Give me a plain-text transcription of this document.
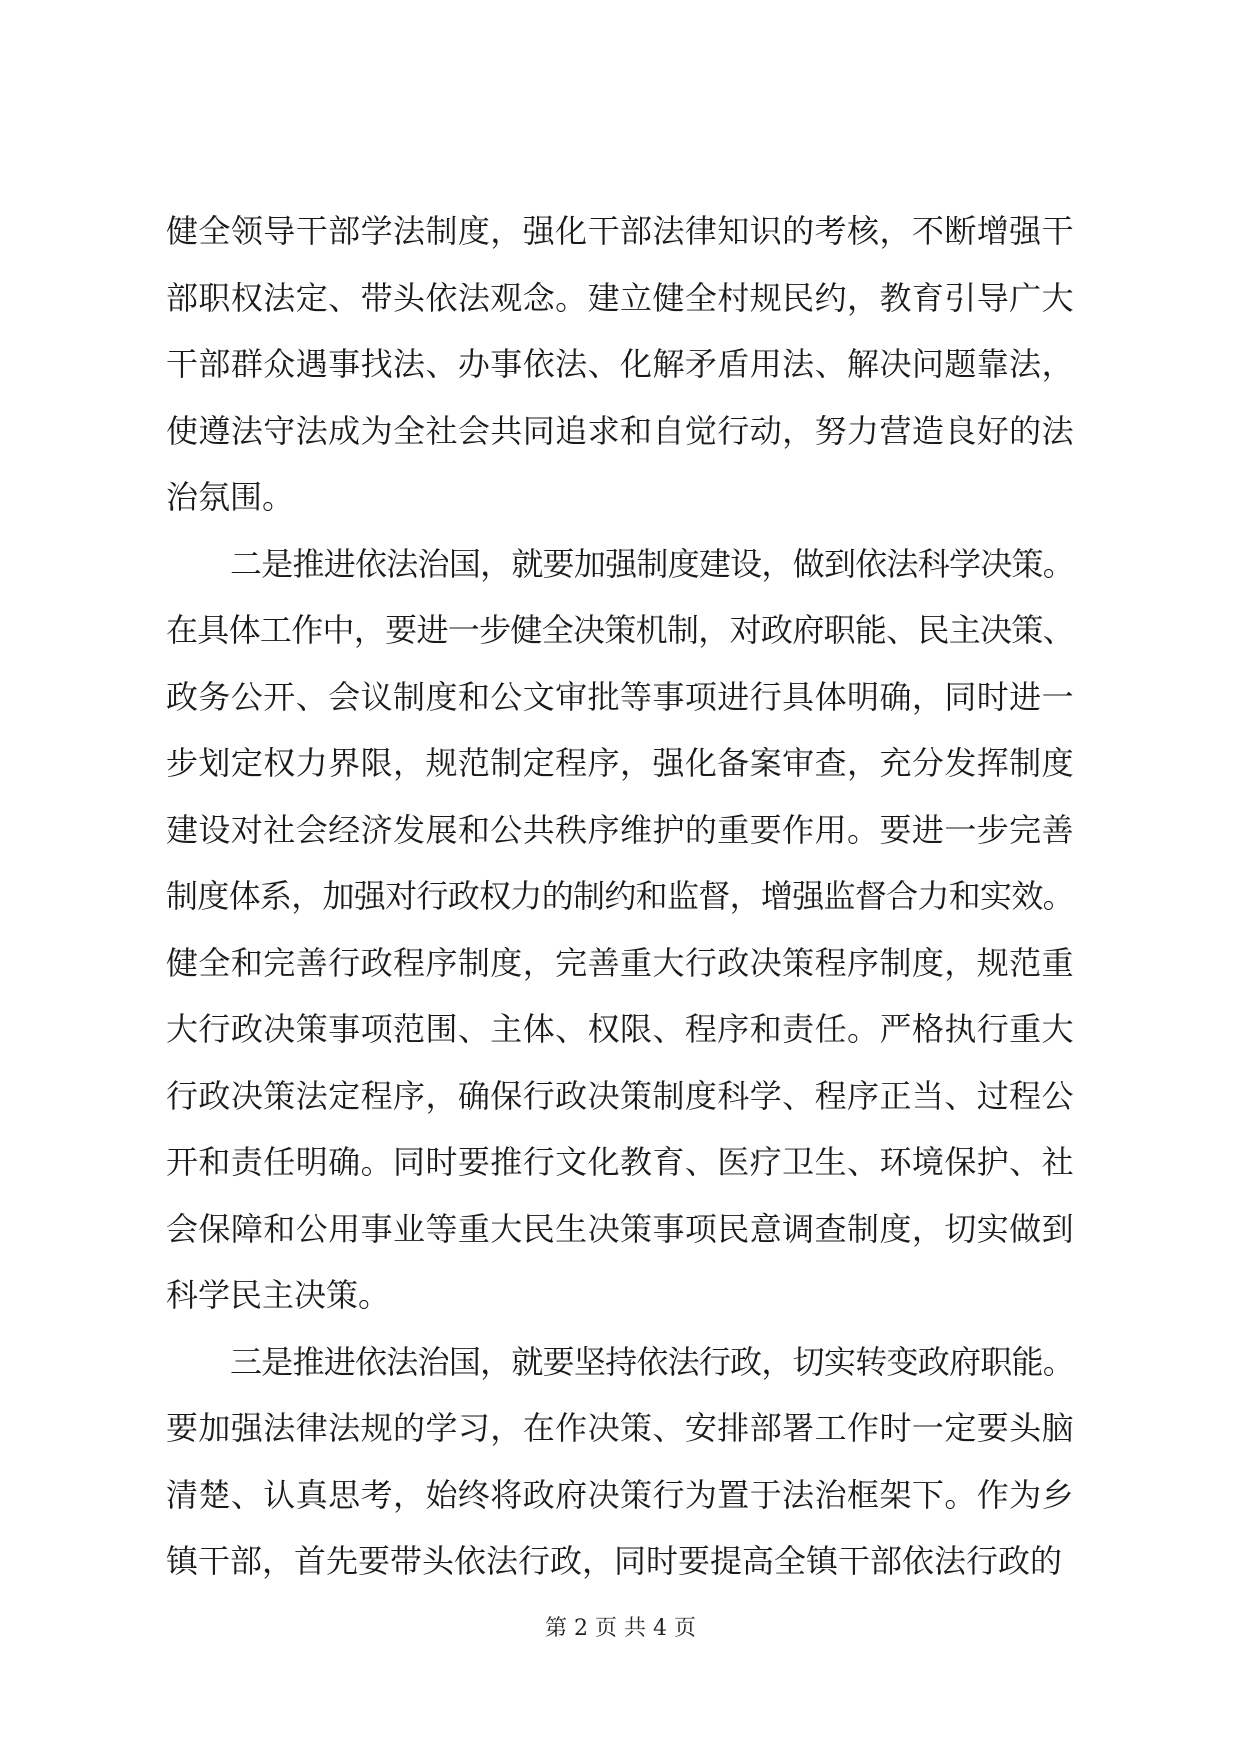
健全领导干部学法制度，强化干部法律知识的考核，不断增强干
部职权法定、带头依法观念。建立健全村规民约，教育引导广大
干部群众遇事找法、办事依法、化解矛盾用法、解决问题靠法，
使遵法守法成为全社会共同追求和自觉行动，努力营造良好的法
治氛围。
二是推进依法治国，就要加强制度建设，做到依法科学决策。
在具体工作中，要进一步健全决策机制，对政府职能、民主决策、
政务公开、会议制度和公文审批等事项进行具体明确，同时进一
步划定权力界限，规范制定程序，强化备案审查，充分发挥制度
建设对社会经济发展和公共秩序维护的重要作用。要进一步完善
制度体系，加强对行政权力的制约和监督，增强监督合力和实效。
健全和完善行政程序制度，完善重大行政决策程序制度，规范重
大行政决策事项范围、主体、权限、程序和责任。严格执行重大
行政决策法定程序，确保行政决策制度科学、程序正当、过程公
开和责任明确。同时要推行文化教育、医疗卫生、环境保护、社
会保障和公用事业等重大民生决策事项民意调查制度，切实做到
科学民主决策。
三是推进依法治国，就要坚持依法行政，切实转变政府职能。
要加强法律法规的学习，在作决策、安排部署工作时一定要头脑
清楚、认真思考，始终将政府决策行为置于法治框架下。作为乡
镇干部，首先要带头依法行政，同时要提高全镇干部依法行政的
第 2 页 共 4 页
